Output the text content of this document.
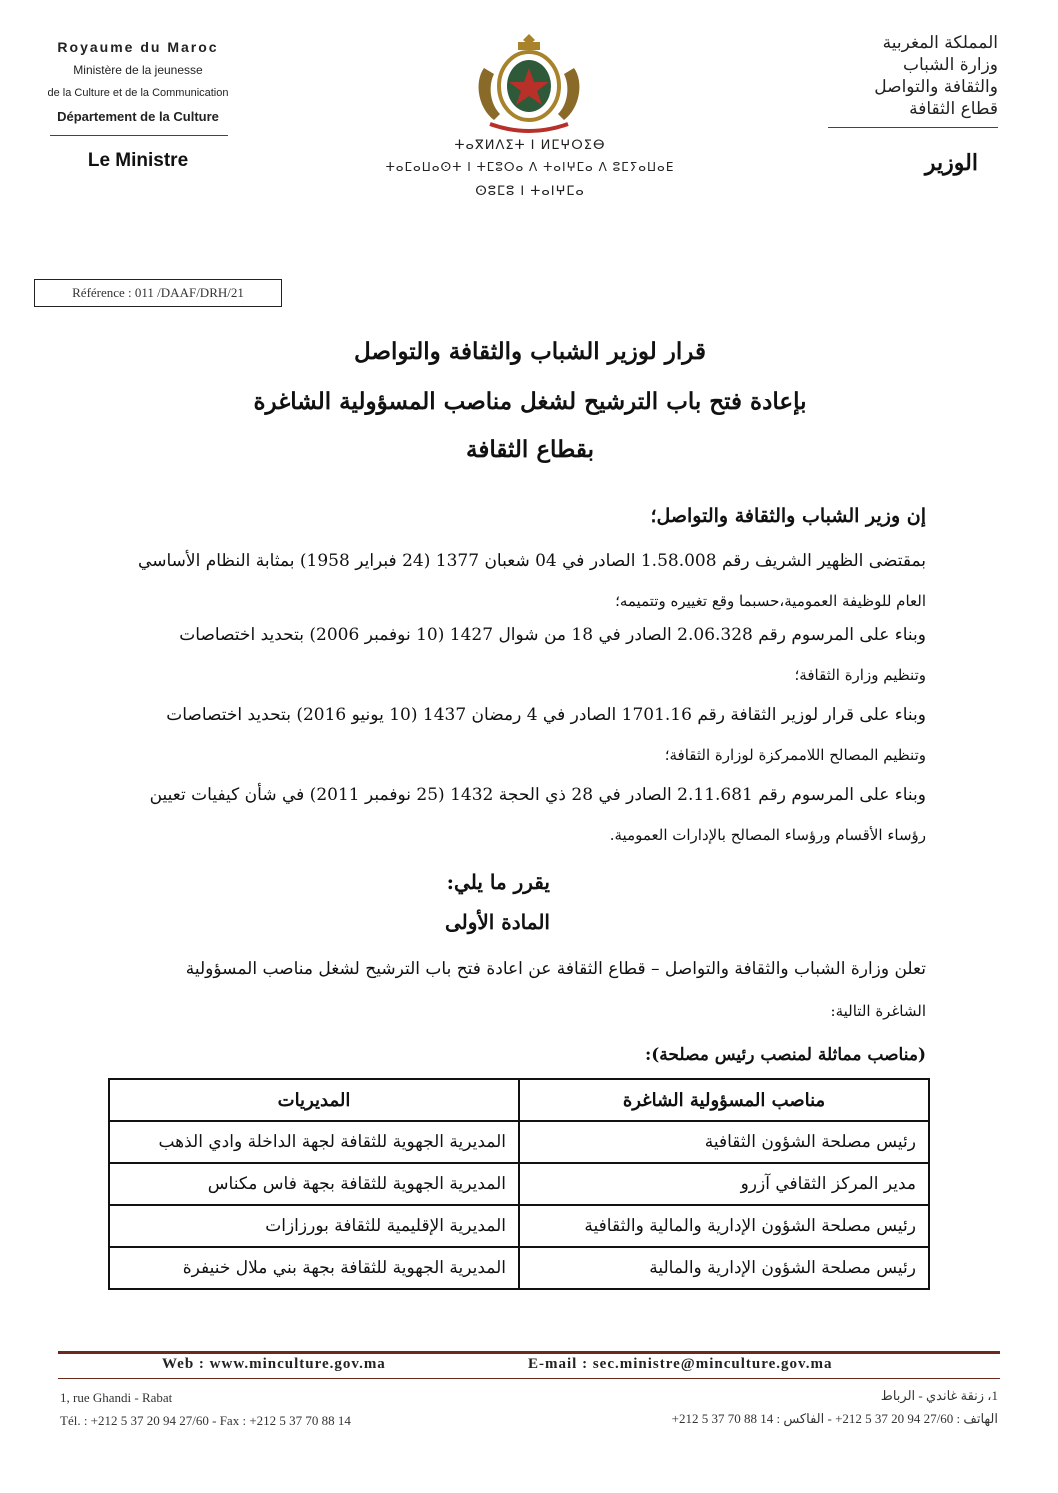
Royaume du Maroc
Ministère de la jeunesse
de la Culture et de la Communication
Département de la Culture
Le Ministre
ⵜⴰⴳⵍⴷⵉⵜ ⵏ ⵍⵎⵖⵔⵉⴱ
ⵜⴰⵎⴰⵡⴰⵙⵜ ⵏ ⵜⵎⵓⵔⴰ ⴷ ⵜⴰⵏⵖⵎⴰ ⴷ ⵓⵎⵢⴰⵡⴰⴹ
ⵙⵓⵎⵓ ⵏ ⵜⴰⵏⵖⵎⴰ
المملكة المغربية
وزارة الشباب
والثقافة والتواصل
قطاع الثقافة
الوزير
Référence : 011 /DAAF/DRH/21
قرار لوزير الشباب والثقافة والتواصل
بإعادة فتح باب الترشيح لشغل مناصب المسؤولية الشاغرة
بقطاع الثقافة
إن وزير الشباب والثقافة والتواصل؛
بمقتضى الظهير الشريف رقم 1.58.008 الصادر في 04 شعبان 1377 (24 فبراير 1958) بمثابة النظام الأساسي
العام للوظيفة العمومية،حسبما وقع تغييره وتتميمه؛
وبناء على المرسوم رقم 2.06.328 الصادر في 18 من شوال 1427 (10 نوفمبر 2006) بتحديد اختصاصات
وتنظيم وزارة الثقافة؛
وبناء على قرار لوزير الثقافة رقم 1701.16 الصادر في 4 رمضان 1437 (10 يونيو 2016) بتحديد اختصاصات
وتنظيم المصالح اللاممركزة لوزارة الثقافة؛
وبناء على المرسوم رقم 2.11.681 الصادر في 28 ذي الحجة 1432 (25 نوفمبر 2011) في شأن كيفيات تعيين
رؤساء الأقسام ورؤساء المصالح بالإدارات العمومية.
يقرر ما يلي:
المادة الأولى
تعلن وزارة الشباب والثقافة والتواصل – قطاع الثقافة عن اعادة فتح باب الترشيح لشغل مناصب المسؤولية
الشاغرة التالية:
(مناصب مماثلة لمنصب رئيس مصلحة):
مناصب المسؤولية الشاغرة	المديريات
رئيس مصلحة الشؤون الثقافية	المديرية الجهوية للثقافة لجهة الداخلة وادي الذهب
مدير المركز الثقافي آزرو	المديرية الجهوية للثقافة بجهة فاس مكناس
رئيس مصلحة الشؤون الإدارية والمالية والثقافية	المديرية الإقليمية للثقافة بورزازات
رئيس مصلحة الشؤون الإدارية والمالية	المديرية الجهوية للثقافة بجهة بني ملال خنيفرة
Web : www.minculture.gov.ma	E-mail : sec.ministre@minculture.gov.ma
1, rue Ghandi - Rabat
Tél. : +212 5 37 20 94 27/60 - Fax : +212 5 37 70 88 14
1، زنقة غاندي - الرباط
الهاتف : 27/60 94 20 37 5 212+ - الفاكس : 14 88 70 37 5 212+
